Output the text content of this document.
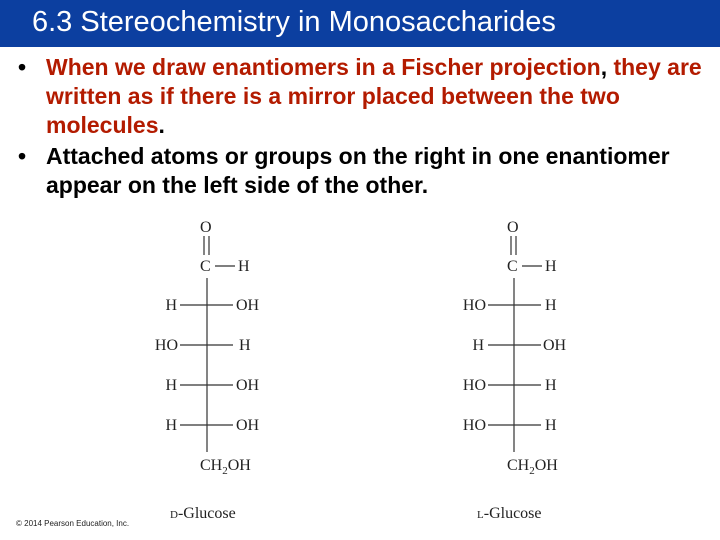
6.3 Stereochemistry in Monosaccharides
• When we draw enantiomers in a Fischer projection, they are written as if there is a mirror placed between the two molecules.
• Attached atoms or groups on the right in one enantiomer appear on the left side of the other.
O
C H
H	OH
HO	H
H	OH
H	OH
$CH_2OH$
D-Glucose
O
C H
HO	H
H	OH
HO	H
HO	H
$CH_2OH$
L-Glucose
© 2014 Pearson Education, Inc.
